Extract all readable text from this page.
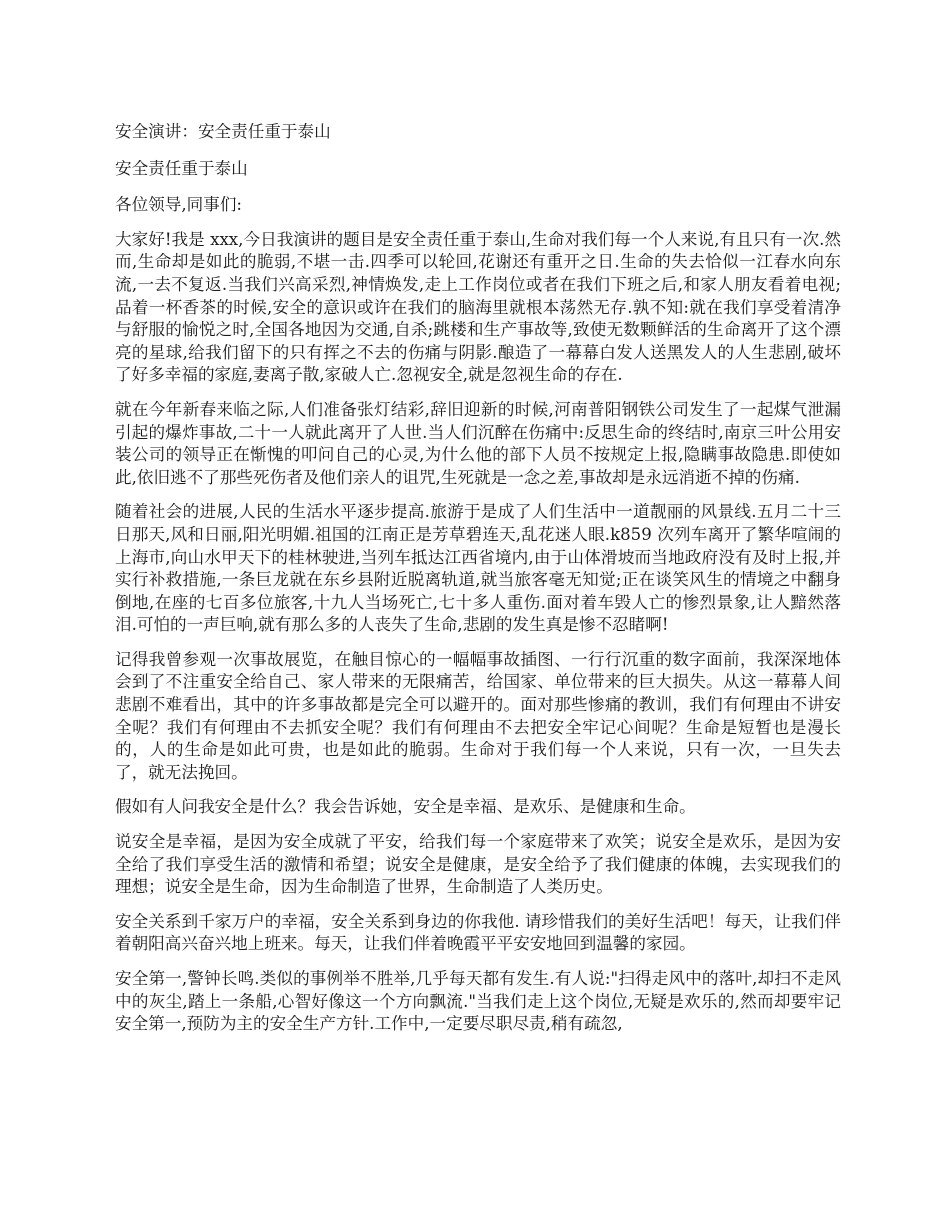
安全演讲：安全责任重于泰山

安全责任重于泰山

各位领导,同事们:

大家好!我是 xxx,今日我演讲的题目是安全责任重于泰山,生命对我们每一个人来说,有且只有一次.然而,生命却是如此的脆弱,不堪一击.四季可以轮回,花谢还有重开之日.生命的失去恰似一江春水向东流,一去不复返.当我们兴高采烈,神情焕发,走上工作岗位或者在我们下班之后,和家人朋友看着电视;品着一杯香茶的时候,安全的意识或许在我们的脑海里就根本荡然无存.孰不知:就在我们享受着清净与舒服的愉悦之时,全国各地因为交通,自杀;跳楼和生产事故等,致使无数颗鲜活的生命离开了这个漂亮的星球,给我们留下的只有挥之不去的伤痛与阴影.酿造了一幕幕白发人送黑发人的人生悲剧,破坏了好多幸福的家庭,妻离子散,家破人亡.忽视安全,就是忽视生命的存在.

就在今年新春来临之际,人们准备张灯结彩,辞旧迎新的时候,河南普阳钢铁公司发生了一起煤气泄漏引起的爆炸事故,二十一人就此离开了人世.当人们沉醉在伤痛中:反思生命的终结时,南京三叶公用安装公司的领导正在惭愧的叩问自己的心灵,为什么他的部下人员不按规定上报,隐瞒事故隐患.即使如此,依旧逃不了那些死伤者及他们亲人的诅咒,生死就是一念之差,事故却是永远消逝不掉的伤痛.

随着社会的进展,人民的生活水平逐步提高.旅游于是成了人们生活中一道靓丽的风景线.五月二十三日那天,风和日丽,阳光明媚.祖国的江南正是芳草碧连天,乱花迷人眼.k859 次列车离开了繁华喧闹的上海市,向山水甲天下的桂林驶进,当列车抵达江西省境内,由于山体滑坡而当地政府没有及时上报,并实行补救措施,一条巨龙就在东乡县附近脱离轨道,就当旅客毫无知觉;正在谈笑风生的情境之中翻身倒地,在座的七百多位旅客,十九人当场死亡,七十多人重伤.面对着车毁人亡的惨烈景象,让人黯然落泪.可怕的一声巨响,就有那么多的人丧失了生命,悲剧的发生真是惨不忍睹啊!

记得我曾参观一次事故展览，在触目惊心的一幅幅事故插图、一行行沉重的数字面前，我深深地体会到了不注重安全给自己、家人带来的无限痛苦，给国家、单位带来的巨大损失。从这一幕幕人间悲剧不难看出，其中的许多事故都是完全可以避开的。面对那些惨痛的教训，我们有何理由不讲安全呢？我们有何理由不去抓安全呢？我们有何理由不去把安全牢记心间呢？生命是短暂也是漫长的，人的生命是如此可贵，也是如此的脆弱。生命对于我们每一个人来说，只有一次，一旦失去了，就无法挽回。

假如有人问我安全是什么？我会告诉她，安全是幸福、是欢乐、是健康和生命。

说安全是幸福，是因为安全成就了平安，给我们每一个家庭带来了欢笑；说安全是欢乐，是因为安全给了我们享受生活的激情和希望；说安全是健康，是安全给予了我们健康的体魄，去实现我们的理想；说安全是生命，因为生命制造了世界，生命制造了人类历史。

安全关系到千家万户的幸福，安全关系到身边的你我他. 请珍惜我们的美好生活吧！每天，让我们伴着朝阳高兴奋兴地上班来。每天，让我们伴着晚霞平平安安地回到温馨的家园。

安全第一,警钟长鸣.类似的事例举不胜举,几乎每天都有发生.有人说:"扫得走风中的落叶,却扫不走风中的灰尘,踏上一条船,心智好像这一个方向飘流."当我们走上这个岗位,无疑是欢乐的,然而却要牢记安全第一,预防为主的安全生产方针.工作中,一定要尽职尽责,稍有疏忽,
